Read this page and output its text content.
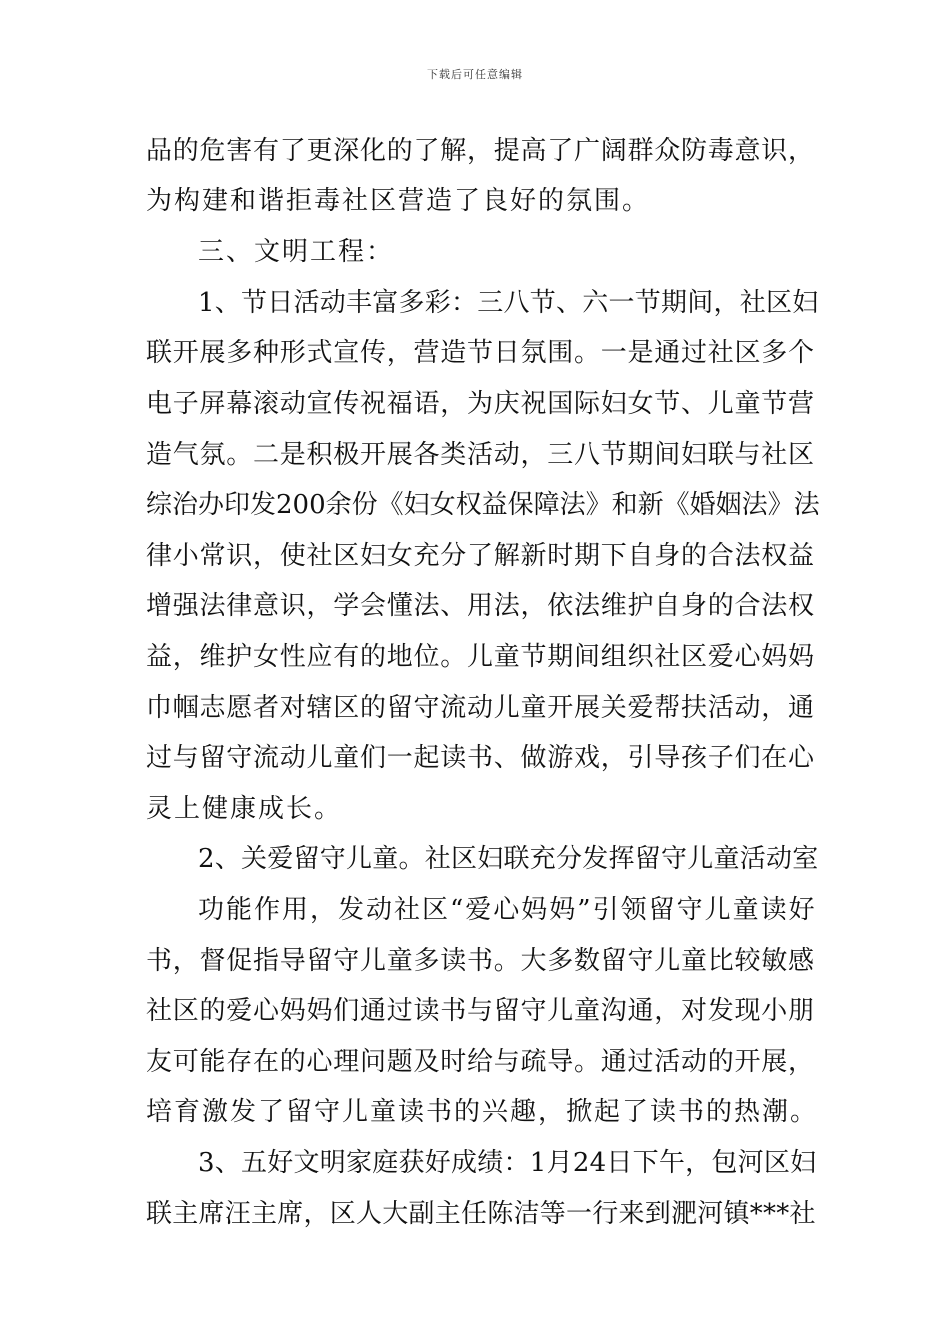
下载后可任意编辑
品的危害有了更深化的了解，提高了广阔群众防毒意识，
为构建和谐拒毒社区营造了良好的氛围。
三、文明工程：
1、节日活动丰富多彩：三八节、六一节期间，社区妇
联开展多种形式宣传，营造节日氛围。一是通过社区多个
电子屏幕滚动宣传祝福语，为庆祝国际妇女节、儿童节营
造气氛。二是积极开展各类活动，三八节期间妇联与社区
综治办印发200余份《妇女权益保障法》和新《婚姻法》法
律小常识，使社区妇女充分了解新时期下自身的合法权益
增强法律意识，学会懂法、用法，依法维护自身的合法权
益，维护女性应有的地位。儿童节期间组织社区爱心妈妈
巾帼志愿者对辖区的留守流动儿童开展关爱帮扶活动，通
过与留守流动儿童们一起读书、做游戏，引导孩子们在心
灵上健康成长。
2、关爱留守儿童。社区妇联充分发挥留守儿童活动室
功能作用，发动社区“爱心妈妈”引领留守儿童读好
书，督促指导留守儿童多读书。大多数留守儿童比较敏感
社区的爱心妈妈们通过读书与留守儿童沟通，对发现小朋
友可能存在的心理问题及时给与疏导。通过活动的开展，
培育激发了留守儿童读书的兴趣，掀起了读书的热潮。
3、五好文明家庭获好成绩：1月24日下午，包河区妇
联主席汪主席，区人大副主任陈洁等一行来到淝河镇***社
